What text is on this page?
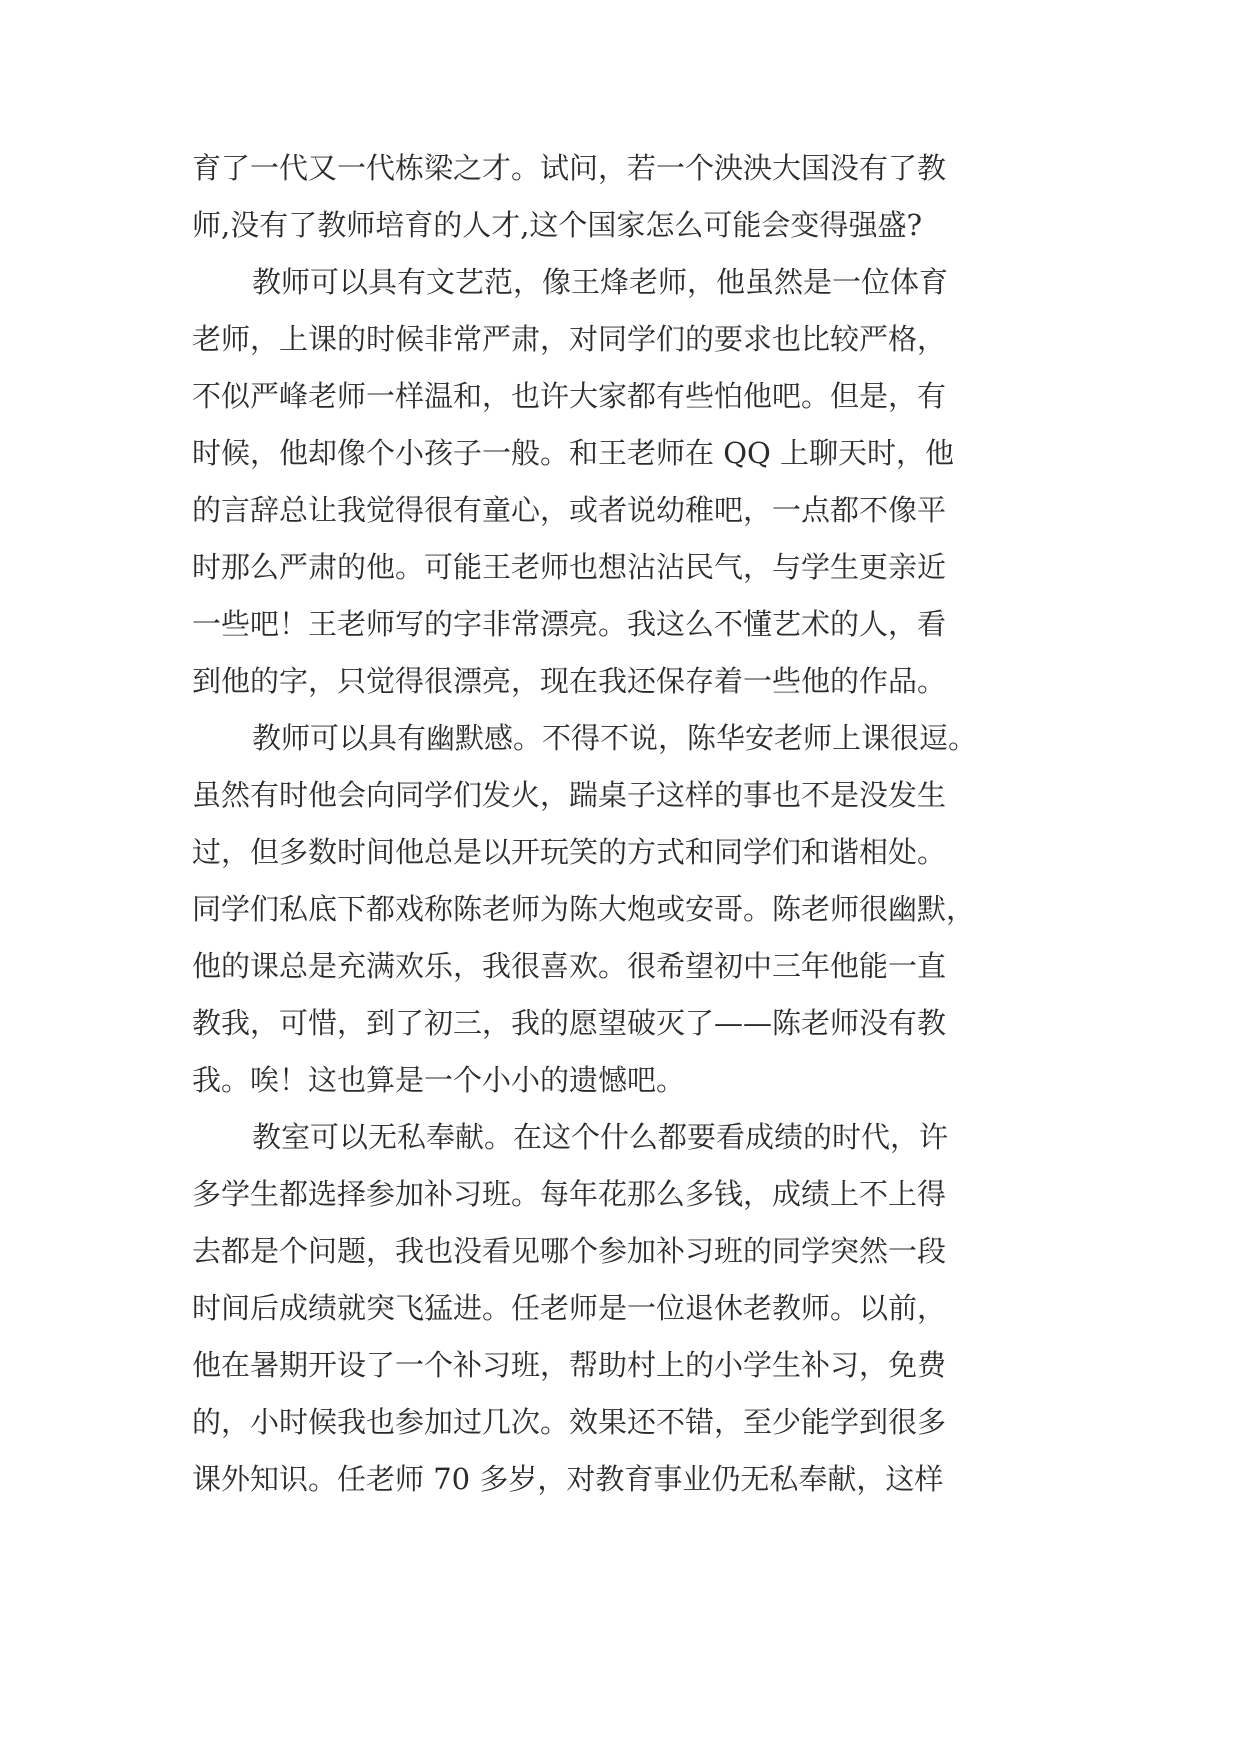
育了一代又一代栋梁之才。试问，若一个泱泱大国没有了教
师,没有了教师培育的人才,这个国家怎么可能会变得强盛?
教师可以具有文艺范，像王烽老师，他虽然是一位体育
老师，上课的时候非常严肃，对同学们的要求也比较严格，
不似严峰老师一样温和，也许大家都有些怕他吧。但是，有
时候，他却像个小孩子一般。和王老师在 QQ 上聊天时，他
的言辞总让我觉得很有童心，或者说幼稚吧，一点都不像平
时那么严肃的他。可能王老师也想沾沾民气，与学生更亲近
一些吧！王老师写的字非常漂亮。我这么不懂艺术的人，看
到他的字，只觉得很漂亮，现在我还保存着一些他的作品。
教师可以具有幽默感。不得不说，陈华安老师上课很逗。
虽然有时他会向同学们发火，踹桌子这样的事也不是没发生
过，但多数时间他总是以开玩笑的方式和同学们和谐相处。
同学们私底下都戏称陈老师为陈大炮或安哥。陈老师很幽默，
他的课总是充满欢乐，我很喜欢。很希望初中三年他能一直
教我，可惜，到了初三，我的愿望破灭了——陈老师没有教
我。唉！这也算是一个小小的遗憾吧。
教室可以无私奉献。在这个什么都要看成绩的时代，许
多学生都选择参加补习班。每年花那么多钱，成绩上不上得
去都是个问题，我也没看见哪个参加补习班的同学突然一段
时间后成绩就突飞猛进。任老师是一位退休老教师。以前，
他在暑期开设了一个补习班，帮助村上的小学生补习，免费
的，小时候我也参加过几次。效果还不错，至少能学到很多
课外知识。任老师 70 多岁，对教育事业仍无私奉献，这样
